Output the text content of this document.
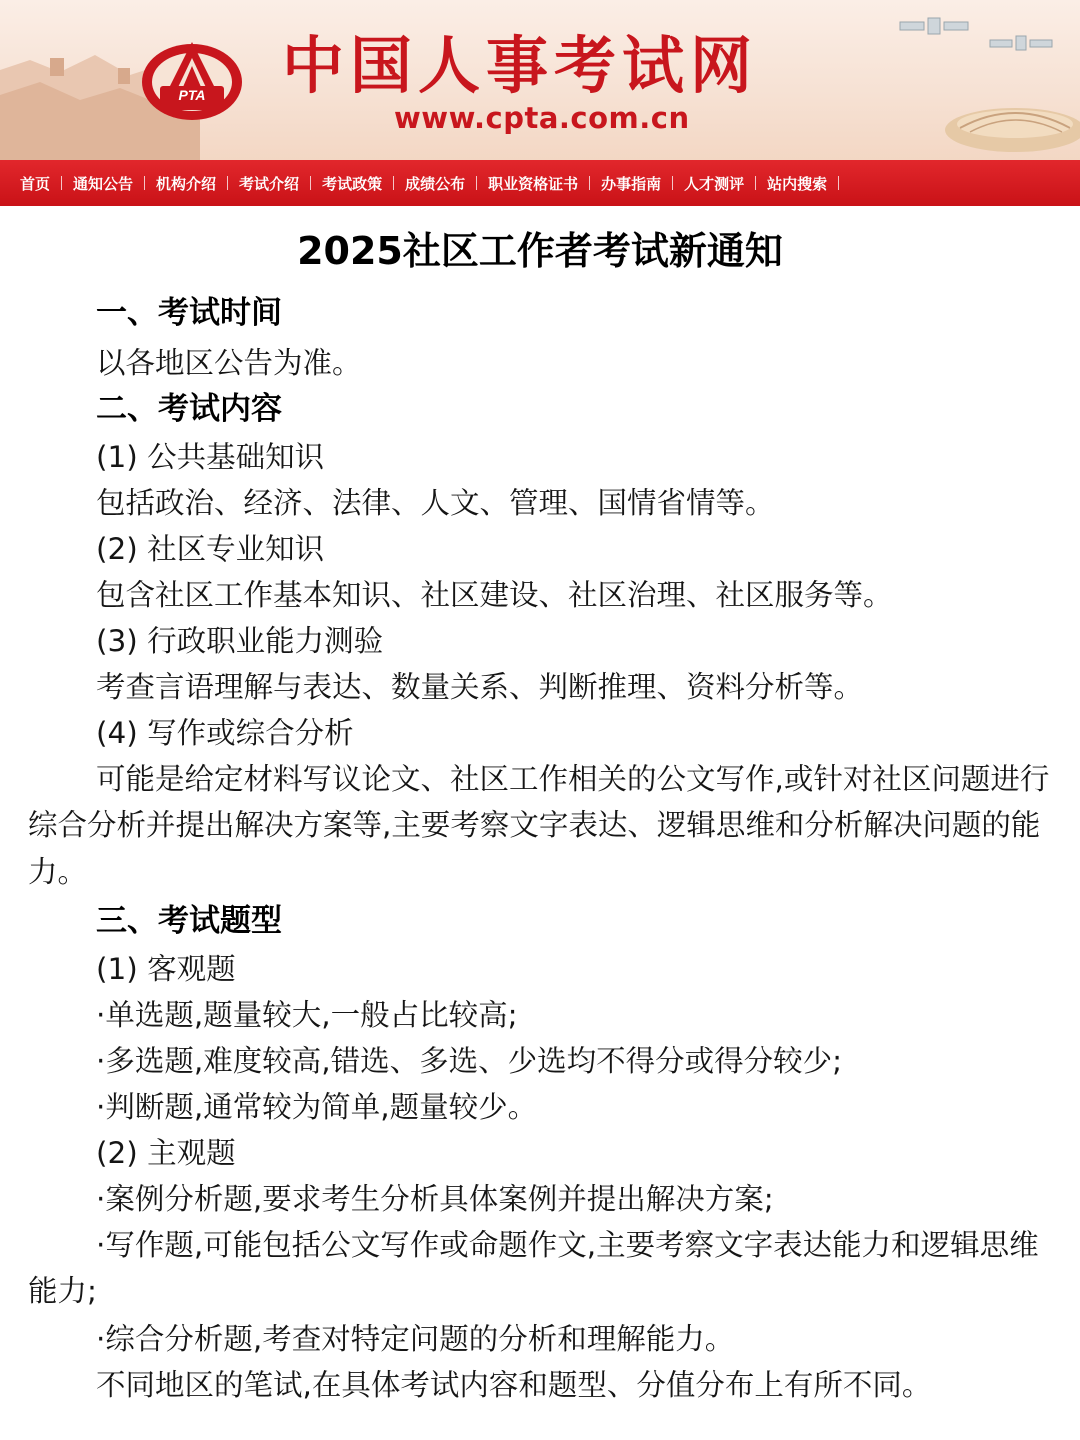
PTA 中国人事考试网
www.cpta.com.cn
首页	通知公告	机构介绍	考试介绍	考试政策	成绩公布	职业资格证书	办事指南	人才测评	站内搜索
2025社区工作者考试新通知
一、考试时间
以各地区公告为准。
二、考试内容
(1) 公共基础知识
包括政治、经济、法律、人文、管理、国情省情等。
(2) 社区专业知识
包含社区工作基本知识、社区建设、社区治理、社区服务等。
(3) 行政职业能力测验
考查言语理解与表达、数量关系、判断推理、资料分析等。
(4) 写作或综合分析

可能是给定材料写议论文、社区工作相关的公文写作,或针对社区问题进行综合分析并提出解决方案等,主要考察文字表达、逻辑思维和分析解决问题的能力。

三、考试题型
(1) 客观题
·单选题,题量较大,一般占比较高;
·多选题,难度较高,错选、多选、少选均不得分或得分较少;
·判断题,通常较为简单,题量较少。
(2) 主观题
·案例分析题,要求考生分析具体案例并提出解决方案;

·写作题,可能包括公文写作或命题作文,主要考察文字表达能力和逻辑思维能力;

·综合分析题,考查对特定问题的分析和理解能力。
不同地区的笔试,在具体考试内容和题型、分值分布上有所不同。
